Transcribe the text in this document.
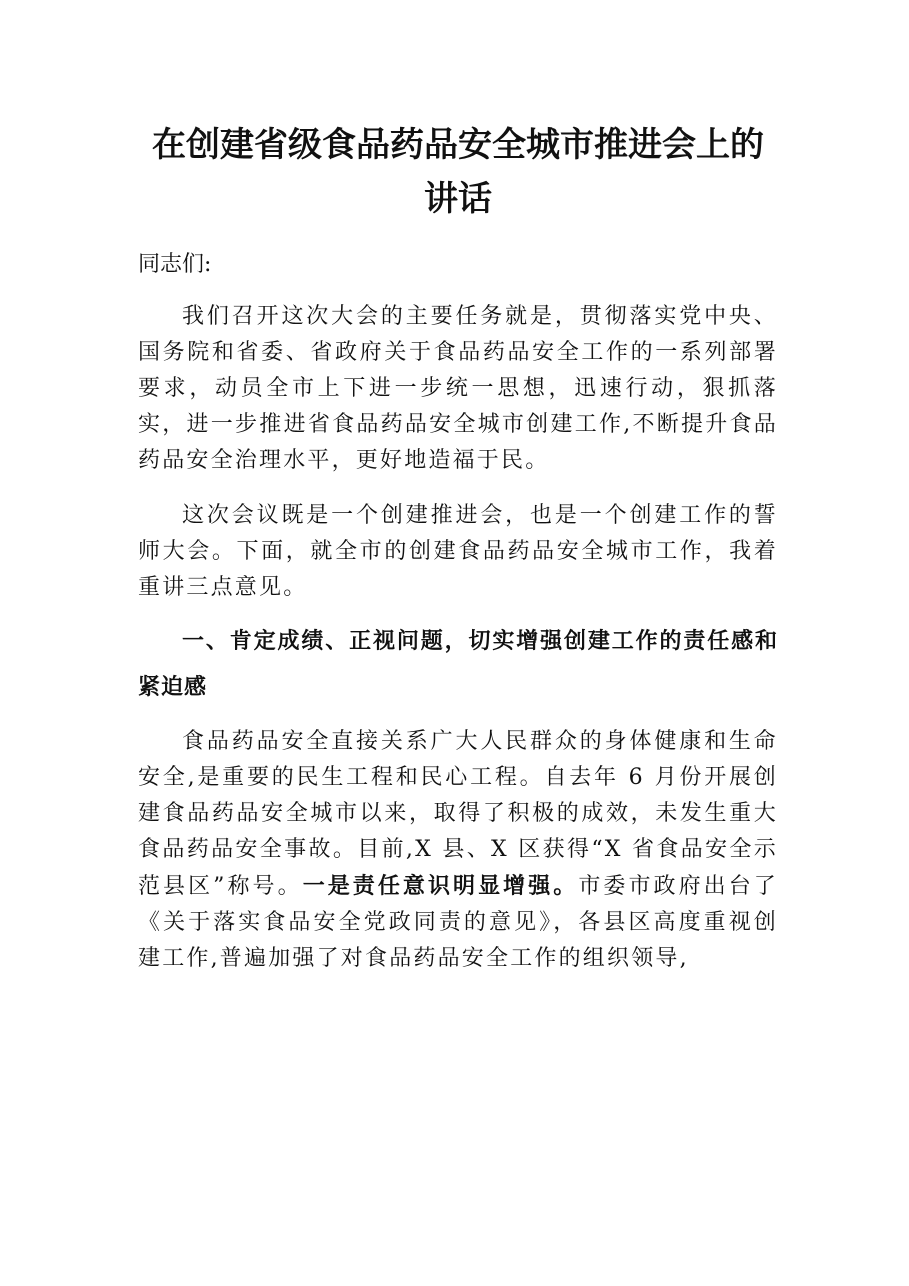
在创建省级食品药品安全城市推进会上的讲话

同志们:

我们召开这次大会的主要任务就是，贯彻落实党中央、国务院和省委、省政府关于食品药品安全工作的一系列部署要求，动员全市上下进一步统一思想，迅速行动，狠抓落实，进一步推进省食品药品安全城市创建工作,不断提升食品药品安全治理水平，更好地造福于民。

这次会议既是一个创建推进会，也是一个创建工作的誓师大会。下面，就全市的创建食品药品安全城市工作，我着重讲三点意见。

一、肯定成绩、正视问题，切实增强创建工作的责任感和紧迫感

食品药品安全直接关系广大人民群众的身体健康和生命安全,是重要的民生工程和民心工程。自去年 6 月份开展创建食品药品安全城市以来，取得了积极的成效，未发生重大食品药品安全事故。目前,X 县、X 区获得“X 省食品安全示范县区”称号。一是责任意识明显增强。市委市政府出台了《关于落实食品安全党政同责的意见》，各县区高度重视创建工作,普遍加强了对食品药品安全工作的组织领导,
